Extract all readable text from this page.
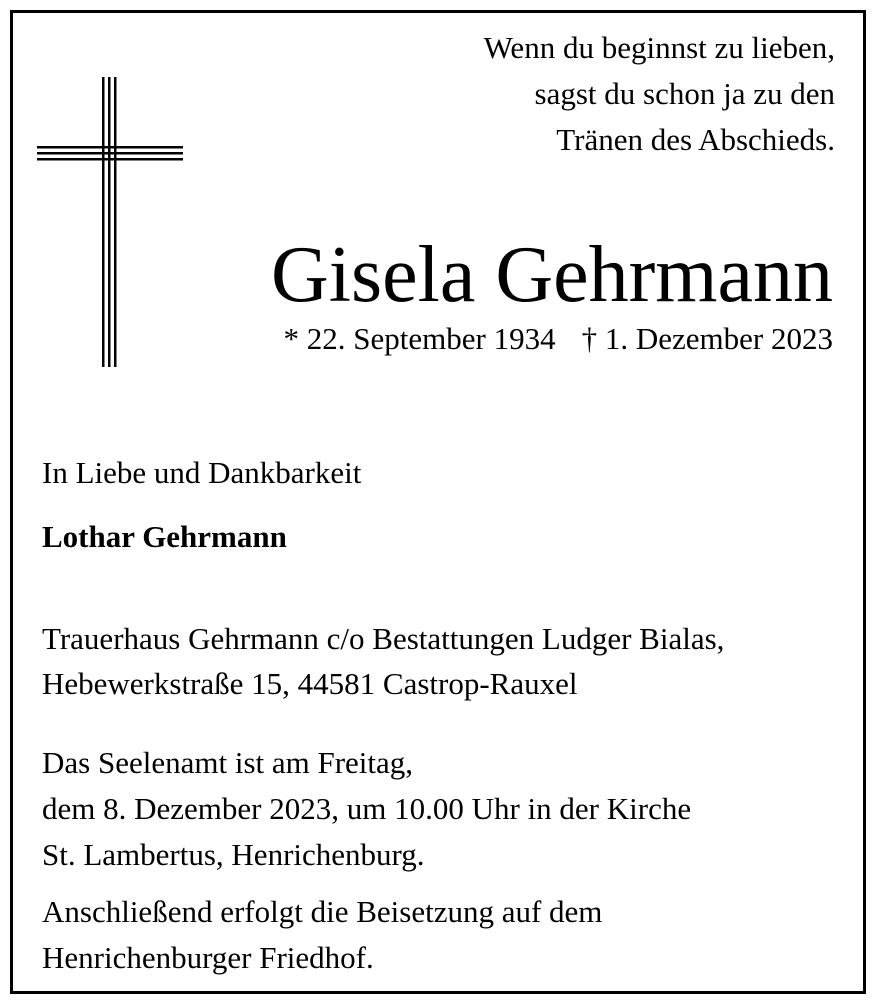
Wenn du beginnst zu lieben,
sagst du schon ja zu den
Tränen des Abschieds.
Gisela Gehrmann
* 22. September 1934 † 1. Dezember 2023
In Liebe und Dankbarkeit
Lothar Gehrmann
Trauerhaus Gehrmann c/o Bestattungen Ludger Bialas,
Hebewerkstraße 15, 44581 Castrop-Rauxel
Das Seelenamt ist am Freitag,
dem 8. Dezember 2023, um 10.00 Uhr in der Kirche
St. Lambertus, Henrichenburg.
Anschließend erfolgt die Beisetzung auf dem
Henrichenburger Friedhof.
